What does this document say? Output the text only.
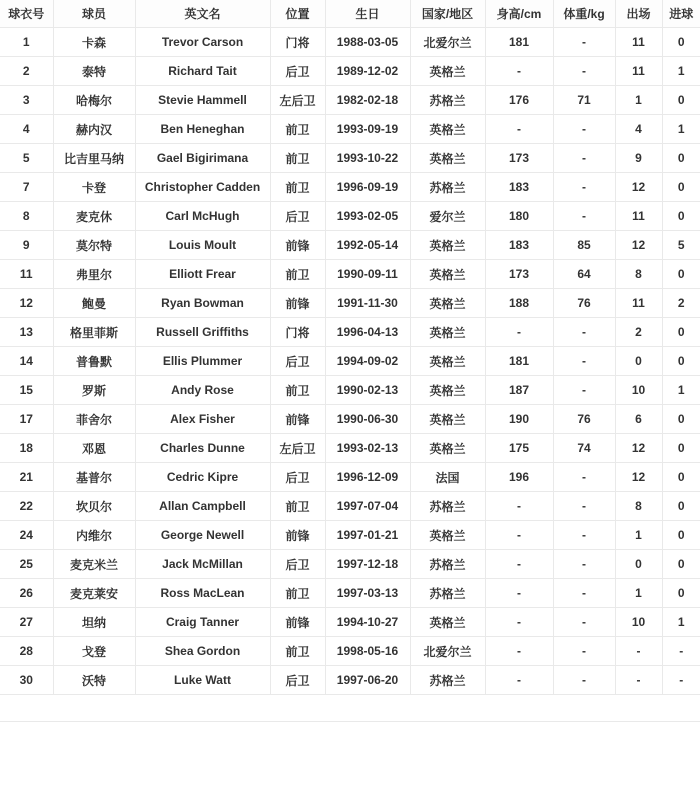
球衣号	球员	英文名	位置	生日	国家/地区	身高/cm	体重/kg	出场	进球
1	卡森	Trevor Carson	门将	1988-03-05	北爱尔兰	181	-	11	0
2	泰特	Richard Tait	后卫	1989-12-02	英格兰	-	-	11	1
3	哈梅尔	Stevie Hammell	左后卫	1982-02-18	苏格兰	176	71	1	0
4	赫内汉	Ben Heneghan	前卫	1993-09-19	英格兰	-	-	4	1
5	比吉里马纳	Gael Bigirimana	前卫	1993-10-22	英格兰	173	-	9	0
7	卡登	Christopher Cadden	前卫	1996-09-19	苏格兰	183	-	12	0
8	麦克休	Carl McHugh	后卫	1993-02-05	爱尔兰	180	-	11	0
9	莫尔特	Louis Moult	前锋	1992-05-14	英格兰	183	85	12	5
11	弗里尔	Elliott Frear	前卫	1990-09-11	英格兰	173	64	8	0
12	鲍曼	Ryan Bowman	前锋	1991-11-30	英格兰	188	76	11	2
13	格里菲斯	Russell Griffiths	门将	1996-04-13	英格兰	-	-	2	0
14	普鲁默	Ellis Plummer	后卫	1994-09-02	英格兰	181	-	0	0
15	罗斯	Andy Rose	前卫	1990-02-13	英格兰	187	-	10	1
17	菲舍尔	Alex Fisher	前锋	1990-06-30	英格兰	190	76	6	0
18	邓恩	Charles Dunne	左后卫	1993-02-13	英格兰	175	74	12	0
21	基普尔	Cedric Kipre	后卫	1996-12-09	法国	196	-	12	0
22	坎贝尔	Allan Campbell	前卫	1997-07-04	苏格兰	-	-	8	0
24	内维尔	George Newell	前锋	1997-01-21	英格兰	-	-	1	0
25	麦克米兰	Jack McMillan	后卫	1997-12-18	苏格兰	-	-	0	0
26	麦克莱安	Ross MacLean	前卫	1997-03-13	苏格兰	-	-	1	0
27	坦纳	Craig Tanner	前锋	1994-10-27	英格兰	-	-	10	1
28	戈登	Shea Gordon	前卫	1998-05-16	北爱尔兰	-	-	-	-
30	沃特	Luke Watt	后卫	1997-06-20	苏格兰	-	-	-	-
